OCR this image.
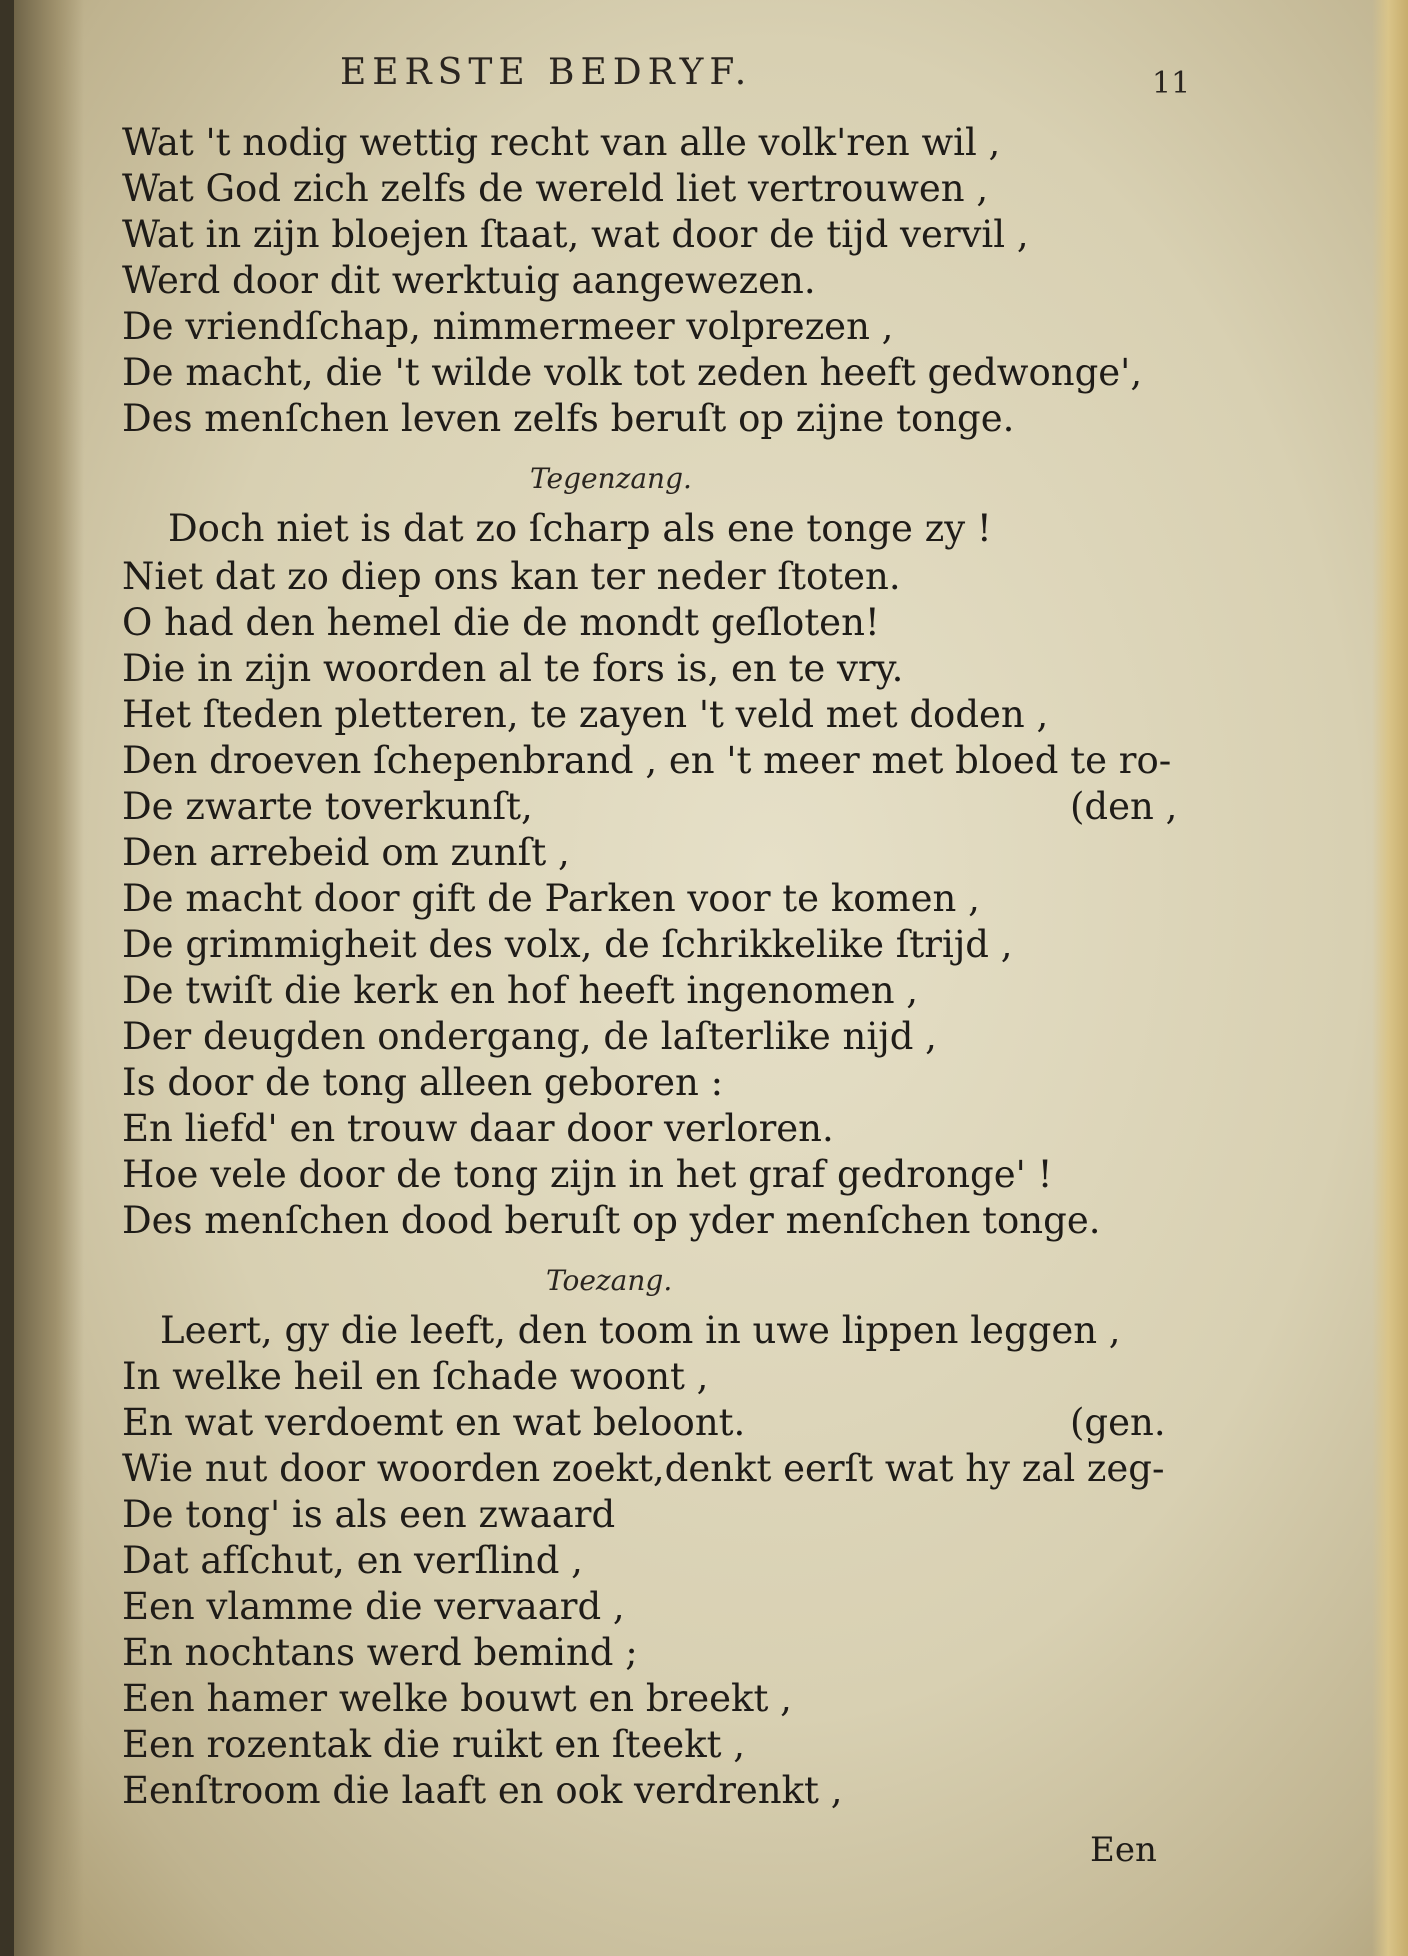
EERSTE BEDRYF.	11
Wat 't nodig wettig recht van alle volk'ren wil ,
Wat God zich zelfs de wereld liet vertrouwen ,
Wat in zijn bloejen ſtaat, wat door de tijd vervil ,
Werd door dit werktuig aangewezen.
De vriendſchap, nimmermeer volprezen ,
De macht, die 't wilde volk tot zeden heeft gedwonge',
Des menſchen leven zelfs beruſt op zijne tonge.
Tegenzang.
Doch niet is dat zo ſcharp als ene tonge zy !
Niet dat zo diep ons kan ter neder ſtoten.
O had den hemel die de mondt geſloten!
Die in zijn woorden al te fors is, en te vry.
Het ſteden pletteren, te zayen 't veld met doden ,
Den droeven ſchepenbrand , en 't meer met bloed te ro-
De zwarte toverkunſt,	(den ,
Den arrebeid om zunſt ,
De macht door gift de Parken voor te komen ,
De grimmigheit des volx, de ſchrikkelike ſtrijd ,
De twiſt die kerk en hof heeft ingenomen ,
Der deugden ondergang, de laſterlike nijd ,
Is door de tong alleen geboren :
En liefd' en trouw daar door verloren.
Hoe vele door de tong zijn in het graf gedronge' !
Des menſchen dood beruſt op yder menſchen tonge.
Toezang.
Leert, gy die leeft, den toom in uwe lippen leggen ,
In welke heil en ſchade woont ,
En wat verdoemt en wat beloont.	(gen.
Wie nut door woorden zoekt,denkt eerſt wat hy zal zeg-
De tong' is als een zwaard
Dat afſchut, en verſlind ,
Een vlamme die vervaard ,
En nochtans werd bemind ;
Een hamer welke bouwt en breekt ,
Een rozentak die ruikt en ſteekt ,
Eenſtroom die laaft en ook verdrenkt ,
Een
